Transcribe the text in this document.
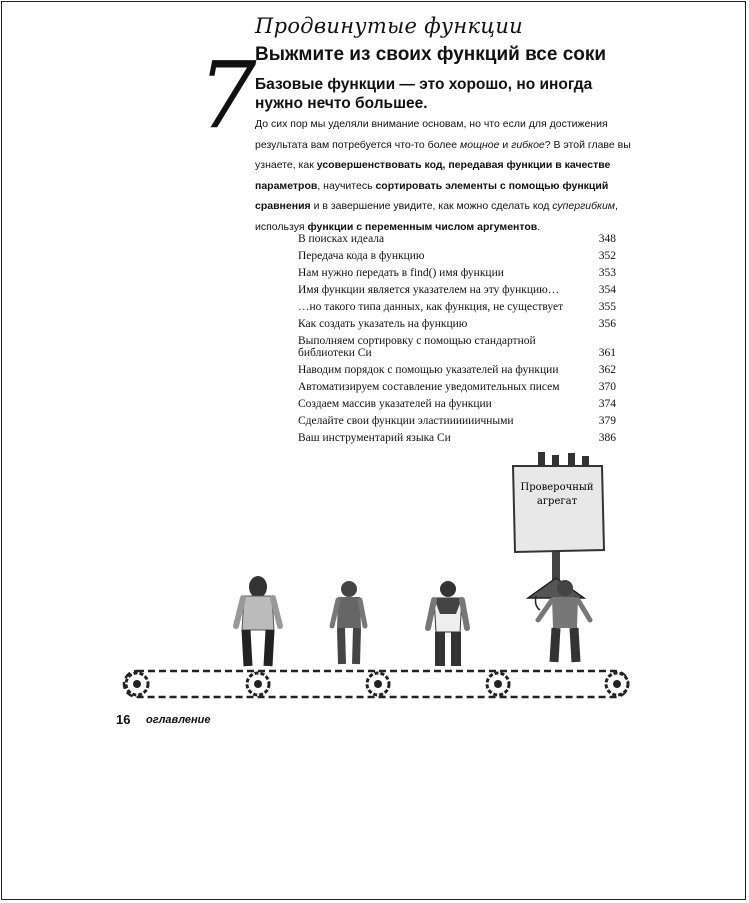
Продвинутые функции
Выжмите из своих функций все соки
7
Базовые функции — это хорошо, но иногда нужно нечто большее.
До сих пор мы уделяли внимание основам, но что если для достижения результата вам потребуется что-то более мощное и гибкое? В этой главе вы узнаете, как усовершенствовать код, передавая функции в качестве параметров, научитесь сортировать элементы с помощью функций сравнения и в завершение увидите, как можно сделать код супергибким, используя функции с переменным числом аргументов.
В поисках идеала	348
Передача кода в функцию	352
Нам нужно передать в find() имя функции	353
Имя функции является указателем на эту функцию…	354
…но такого типа данных, как функция, не существует	355
Как создать указатель на функцию	356
Выполняем сортировку с помощью стандартной библиотеки Си	361
Наводим порядок с помощью указателей на функции	362
Автоматизируем составление уведомительных писем	370
Создаем массив указателей на функции	374
Сделайте свои функции эластиииииичными	379
Ваш инструментарий языка Си	386
Проверочный
агрегат
16 оглавление
